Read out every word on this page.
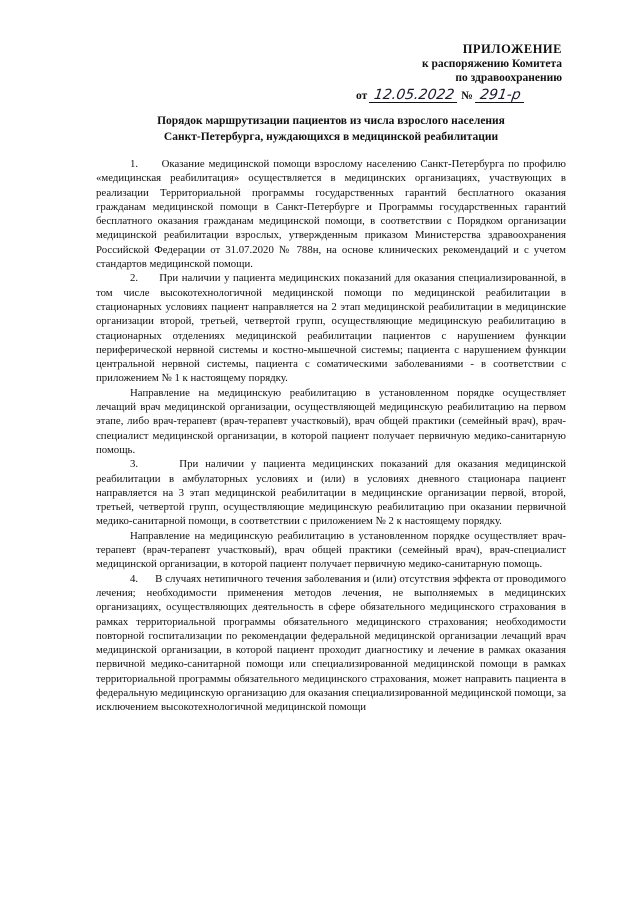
ПРИЛОЖЕНИЕ
к распоряжению Комитета
по здравоохранению
от 12.05.2022 № 291-р
Порядок маршрутизации пациентов из числа взрослого населения
Санкт-Петербурга, нуждающихся в медицинской реабилитации

1.      Оказание медицинской помощи взрослому населению Санкт-Петербурга по профилю «медицинская реабилитация» осуществляется в медицинских организациях, участвующих в реализации Территориальной программы государственных гарантий бесплатного оказания гражданам медицинской помощи в Санкт-Петербурге и Программы государственных гарантий бесплатного оказания гражданам медицинской помощи, в соответствии с Порядком организации медицинской реабилитации взрослых, утвержденным приказом Министерства здравоохранения Российской Федерации от 31.07.2020 № 788н, на основе клинических рекомендаций и с учетом стандартов медицинской помощи.

2.      При наличии у пациента медицинских показаний для оказания специализированной, в том числе высокотехнологичной медицинской помощи по медицинской реабилитации в стационарных условиях пациент направляется на 2 этап медицинской реабилитации в медицинские организации второй, третьей, четвертой групп, осуществляющие медицинскую реабилитацию в стационарных отделениях медицинской реабилитации пациентов с нарушением функции периферической нервной системы и костно-мышечной системы; пациента с нарушением функции центральной нервной системы, пациента с соматическими заболеваниями - в соответствии с приложением № 1 к настоящему порядку.

Направление на медицинскую реабилитацию в установленном порядке осуществляет лечащий врач медицинской организации, осуществляющей медицинскую реабилитацию на первом этапе, либо врач-терапевт (врач-терапевт участковый), врач общей практики (семейный врач), врач-специалист медицинской организации, в которой пациент получает первичную медико-санитарную помощь.

3.      При наличии у пациента медицинских показаний для оказания медицинской реабилитации в амбулаторных условиях и (или) в условиях дневного стационара пациент направляется на 3 этап медицинской реабилитации в медицинские организации первой, второй, третьей, четвертой групп, осуществляющие медицинскую реабилитацию при оказании первичной медико-санитарной помощи, в соответствии с приложением № 2 к настоящему порядку.

Направление на медицинскую реабилитацию в установленном порядке осуществляет врач-терапевт (врач-терапевт участковый), врач общей практики (семейный врач), врач-специалист медицинской организации, в которой пациент получает первичную медико-санитарную помощь.

4.      В случаях нетипичного течения заболевания и (или) отсутствия эффекта от проводимого лечения; необходимости применения методов лечения, не выполняемых в медицинских организациях, осуществляющих деятельность в сфере обязательного медицинского страхования в рамках территориальной программы обязательного медицинского страхования; необходимости повторной госпитализации по рекомендации федеральной медицинской организации лечащий врач медицинской организации, в которой пациент проходит диагностику и лечение в рамках оказания первичной медико-санитарной помощи или специализированной медицинской помощи в рамках территориальной программы обязательного медицинского страхования, может направить пациента в федеральную медицинскую организацию для оказания специализированной медицинской помощи, за исключением высокотехнологичной медицинской помощи
